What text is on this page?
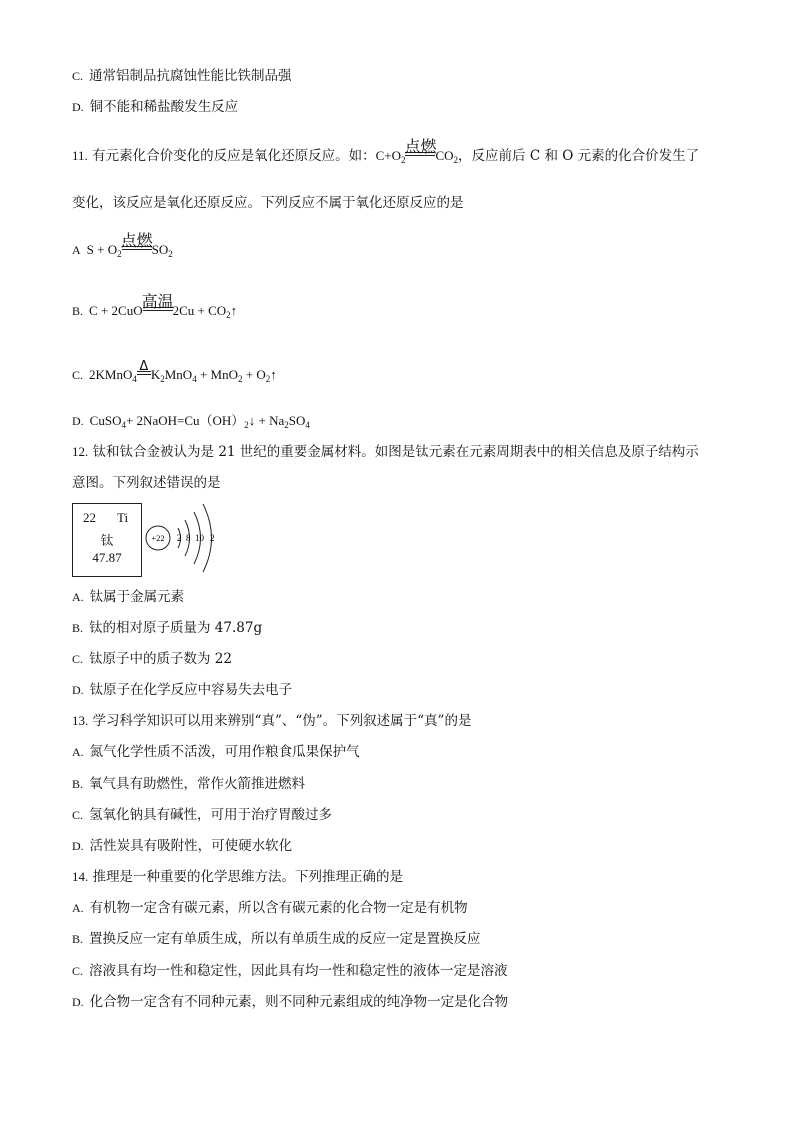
C. 通常铝制品抗腐蚀性能比铁制品强
D. 铜不能和稀盐酸发生反应
11. 有元素化合价变化的反应是氧化还原反应。如：$C+O_2$
点燃
$CO_2$，反应前后 C 和 O 元素的化合价发生了
变化，该反应是氧化还原反应。下列反应不属于氧化还原反应的是
A $S + O_2$
点燃
$SO_2$
B. C + 2CuO
高温
$2Cu + CO_2↑$
C. 2KMnO$_4$
Δ
$K_2MnO_4 + MnO_2$ + $O_2↑$
D. CuSO$_4$+ $2NaOH=Cu(OH)_2↓ + Na_2SO_4$
12. 钛和钛合金被认为是 21 世纪的重要金属材料。如图是钛元素在元素周期表中的相关信息及原子结构示
意图。下列叙述错误的是
22 Ti
钛
47.87
+22 2 8 10 2
A. 钛属于金属元素
B. 钛的相对原子质量为 47.87g
C. 钛原子中的质子数为 22
D. 钛原子在化学反应中容易失去电子
13. 学习科学知识可以用来辨别“真”、“伪”。下列叙述属于“真”的是
A. 氮气化学性质不活泼，可用作粮食瓜果保护气
B. 氧气具有助燃性，常作火箭推进燃料
C. 氢氧化钠具有碱性，可用于治疗胃酸过多
D. 活性炭具有吸附性，可使硬水软化
14. 推理是一种重要的化学思维方法。下列推理正确的是
A. 有机物一定含有碳元素，所以含有碳元素的化合物一定是有机物
B. 置换反应一定有单质生成，所以有单质生成的反应一定是置换反应
C. 溶液具有均一性和稳定性，因此具有均一性和稳定性的液体一定是溶液
D. 化合物一定含有不同种元素，则不同种元素组成的纯净物一定是化合物
